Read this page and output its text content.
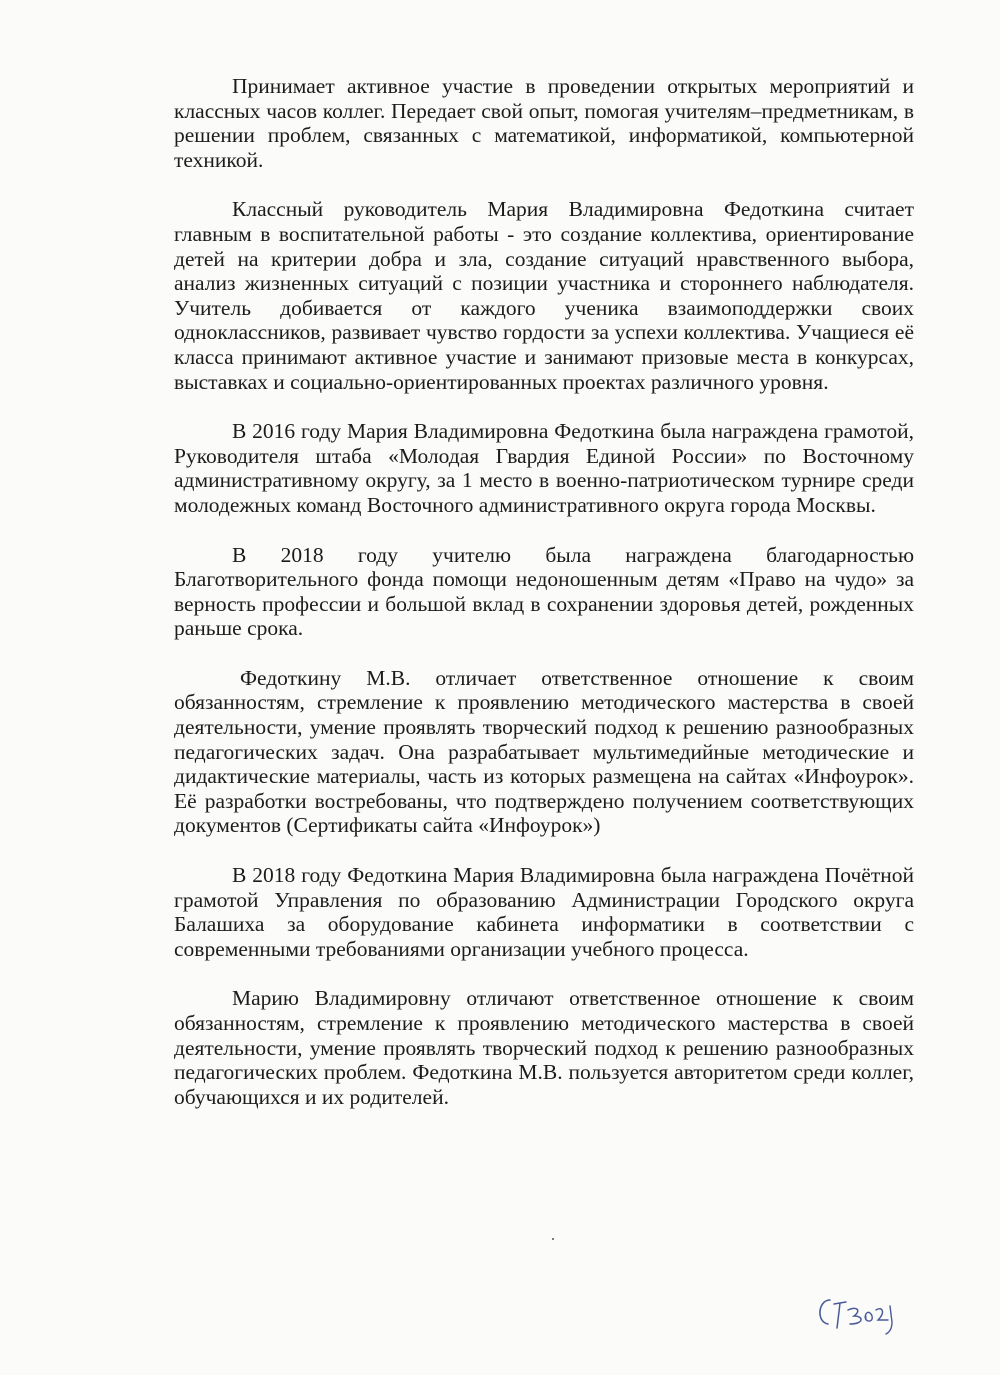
Принимает активное участие в проведении открытых мероприятий и классных часов коллег. Передает свой опыт, помогая учителям–предметникам, в решении проблем, связанных с математикой, информатикой, компьютерной техникой.

Классный руководитель Мария Владимировна Федоткина считает главным в воспитательной работы - это создание коллектива, ориентирование детей на критерии добра и зла, создание ситуаций нравственного выбора, анализ жизненных ситуаций с позиции участника и стороннего наблюдателя. Учитель добивается от каждого ученика взаимоподдержки своих одноклассников, развивает чувство гордости за успехи коллектива. Учащиеся её класса принимают активное участие и занимают призовые места в конкурсах, выставках и социально-ориентированных проектах различного уровня.

В 2016 году Мария Владимировна Федоткина была награждена грамотой, Руководителя штаба «Молодая Гвардия Единой России» по Восточному административному округу, за 1 место в военно-патриотическом турнире среди молодежных команд Восточного административного округа города Москвы.

В 2018 году учителю была награждена благодарностью Благотворительного фонда помощи недоношенным детям «Право на чудо» за верность профессии и большой вклад в сохранении здоровья детей, рожденных раньше срока.

Федоткину М.В. отличает ответственное отношение к своим обязанностям, стремление к проявлению методического мастерства в своей деятельности, умение проявлять творческий подход к решению разнообразных педагогических задач. Она разрабатывает мультимедийные методические и дидактические материалы, часть из которых размещена на сайтах «Инфоурок». Её разработки востребованы, что подтверждено получением соответствующих документов (Сертификаты сайта «Инфоурок»)

В 2018 году Федоткина Мария Владимировна была награждена Почётной грамотой Управления по образованию Администрации Городского округа Балашиха за оборудование кабинета информатики в соответствии с современными требованиями организации учебного процесса.

Марию Владимировну отличают ответственное отношение к своим обязанностям, стремление к проявлению методического мастерства в своей деятельности, умение проявлять творческий подход к решению разнообразных педагогических проблем. Федоткина М.В. пользуется авторитетом среди коллег, обучающихся и их родителей.
